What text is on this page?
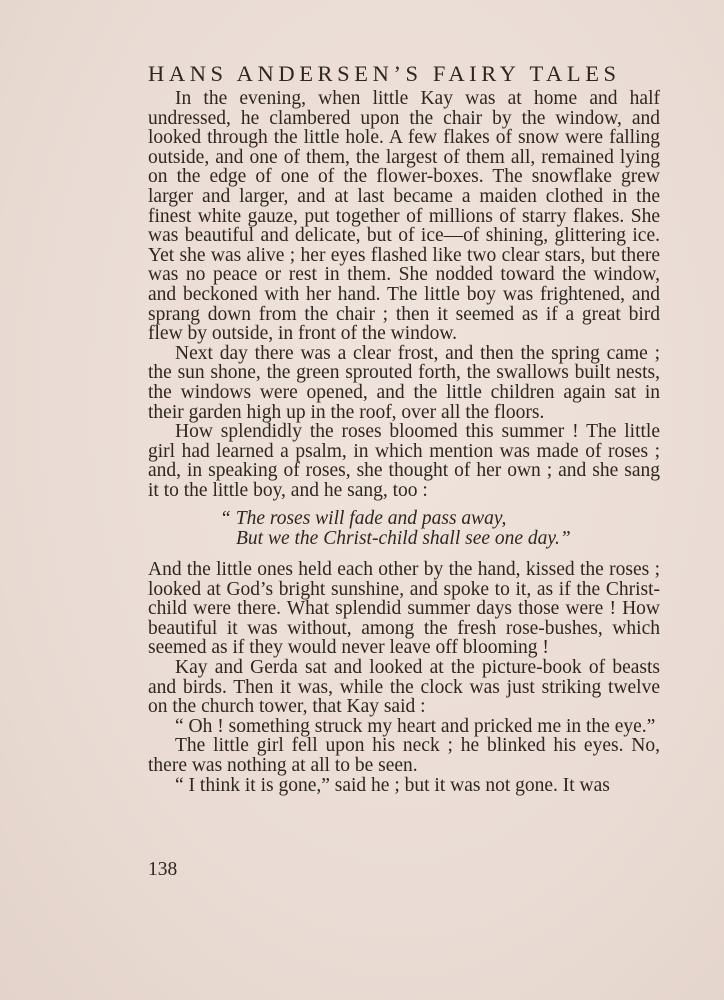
HANS ANDERSEN’S FAIRY TALES

In the evening, when little Kay was at home and half undressed, he clambered upon the chair by the window, and looked through the little hole. A few flakes of snow were falling outside, and one of them, the largest of them all, remained lying on the edge of one of the flower-boxes. The snowflake grew larger and larger, and at last became a maiden clothed in the finest white gauze, put together of millions of starry flakes. She was beautiful and delicate, but of ice—of shining, glittering ice. Yet she was alive ; her eyes flashed like two clear stars, but there was no peace or rest in them. She nodded toward the window, and beckoned with her hand. The little boy was frightened, and sprang down from the chair ; then it seemed as if a great bird flew by outside, in front of the window.

Next day there was a clear frost, and then the spring came ; the sun shone, the green sprouted forth, the swallows built nests, the windows were opened, and the little children again sat in their garden high up in the roof, over all the floors.

How splendidly the roses bloomed this summer ! The little girl had learned a psalm, in which mention was made of roses ; and, in speaking of roses, she thought of her own ; and she sang it to the little boy, and he sang, too :

“ The roses will fade and pass away,
But we the Christ-child shall see one day.”

And the little ones held each other by the hand, kissed the roses ; looked at God’s bright sunshine, and spoke to it, as if the Christ-child were there. What splendid summer days those were ! How beautiful it was without, among the fresh rose-bushes, which seemed as if they would never leave off blooming !

Kay and Gerda sat and looked at the picture-book of beasts and birds. Then it was, while the clock was just striking twelve on the church tower, that Kay said :

“ Oh ! something struck my heart and pricked me in the eye.”

The little girl fell upon his neck ; he blinked his eyes. No, there was nothing at all to be seen.

“ I think it is gone,” said he ; but it was not gone. It was

138
